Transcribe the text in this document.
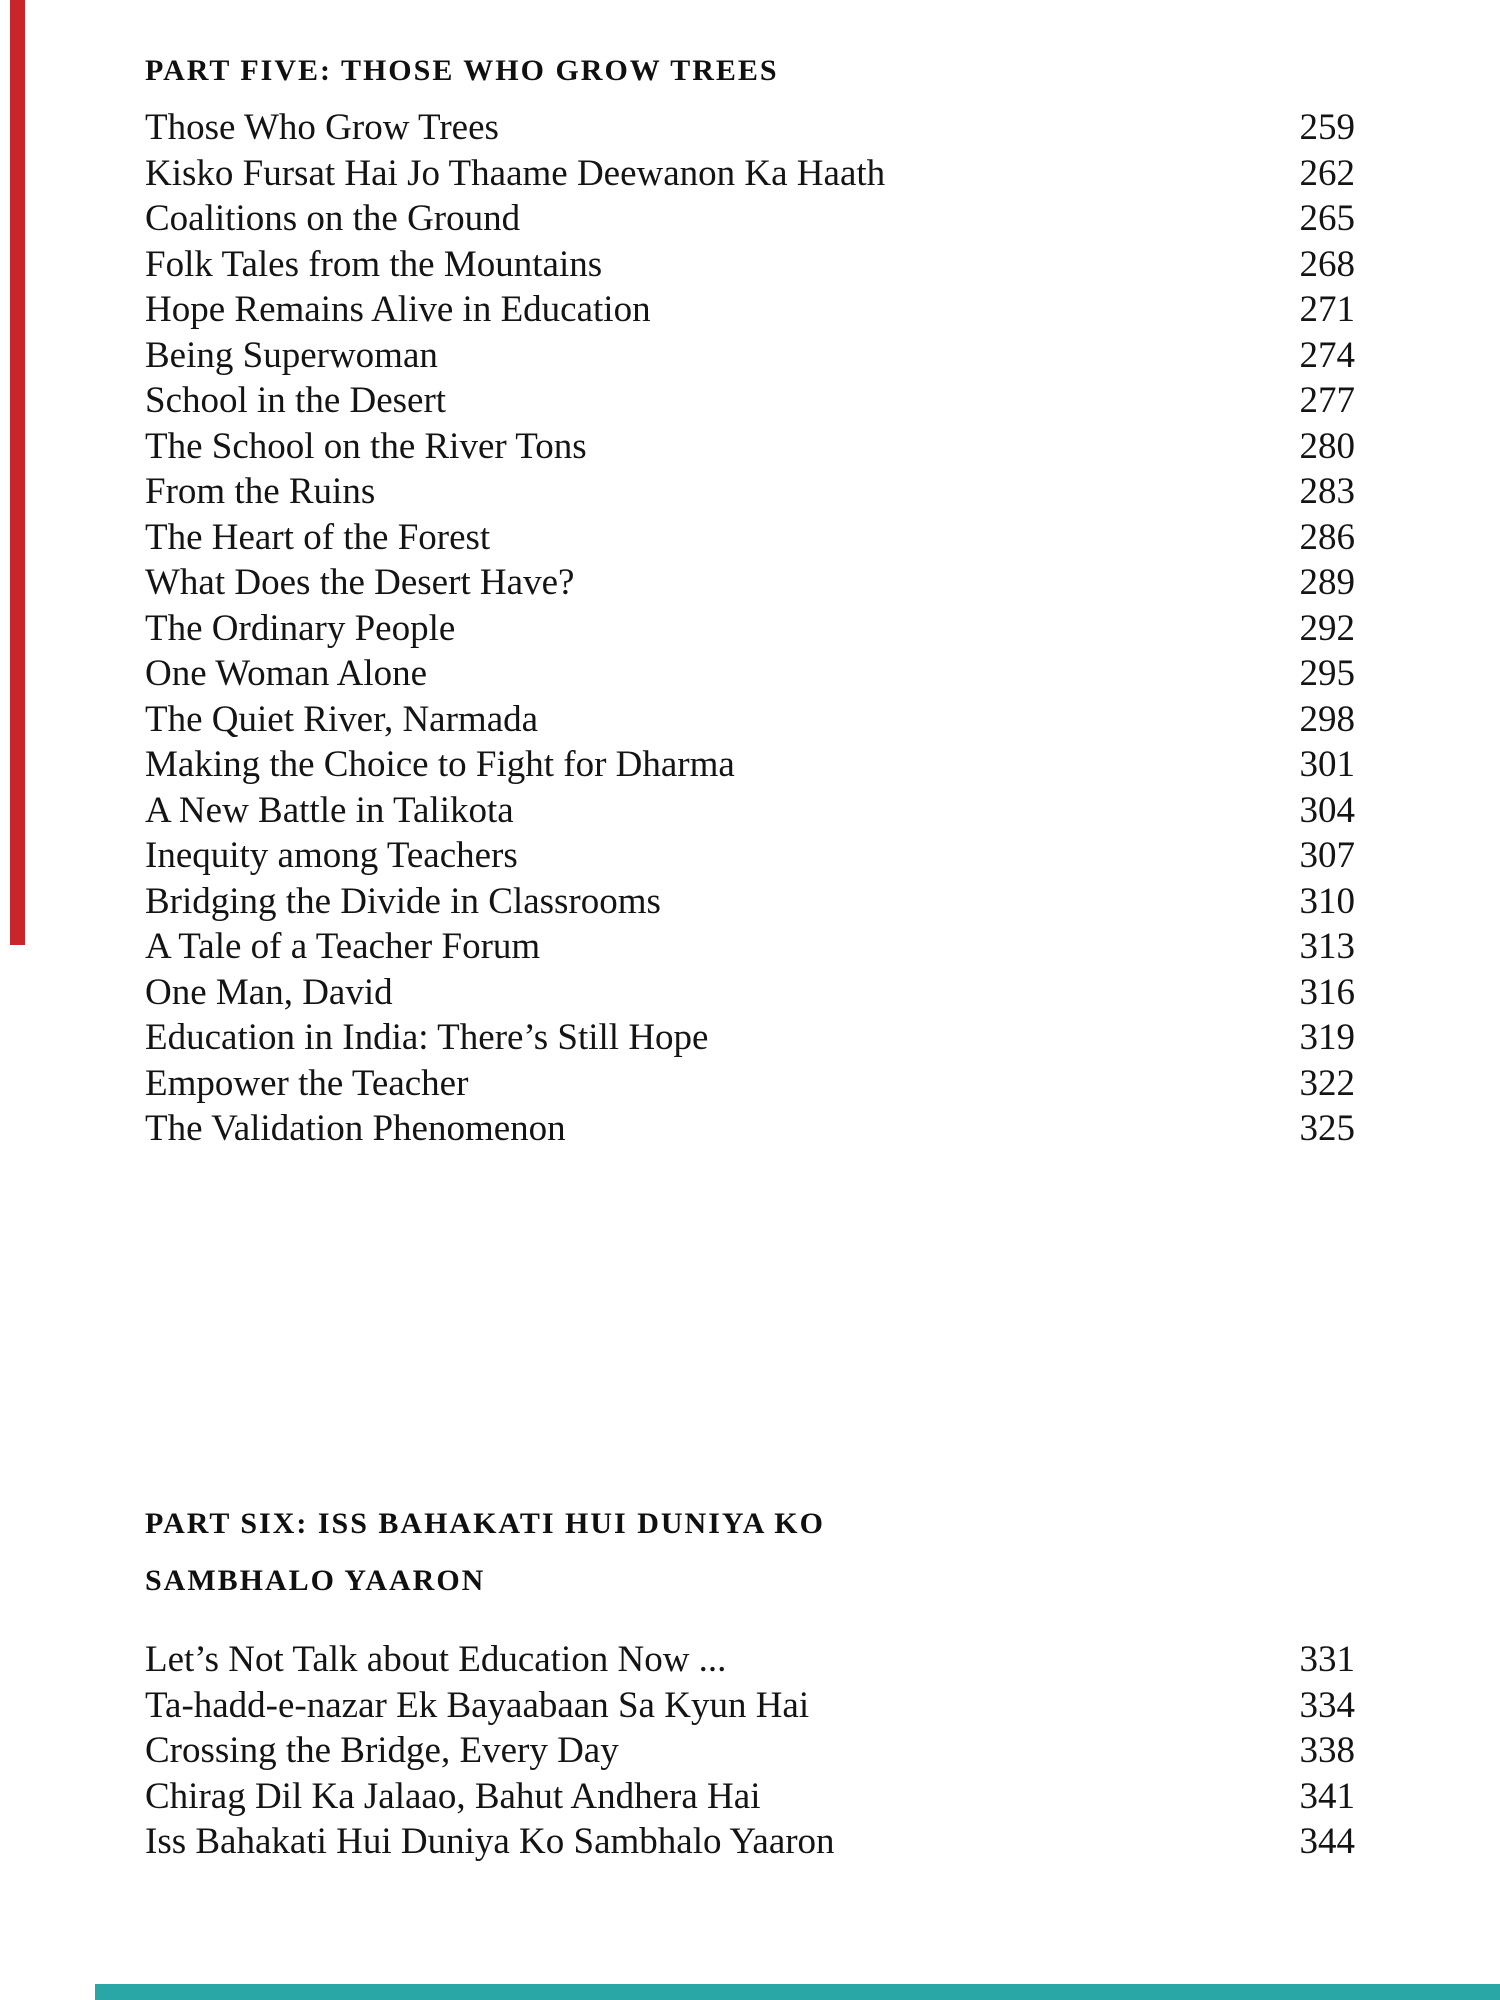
PART FIVE: THOSE WHO GROW TREES
Those Who Grow Trees	259
Kisko Fursat Hai Jo Thaame Deewanon Ka Haath	262
Coalitions on the Ground	265
Folk Tales from the Mountains	268
Hope Remains Alive in Education	271
Being Superwoman	274
School in the Desert	277
The School on the River Tons	280
From the Ruins	283
The Heart of the Forest	286
What Does the Desert Have?	289
The Ordinary People	292
One Woman Alone	295
The Quiet River, Narmada	298
Making the Choice to Fight for Dharma	301
A New Battle in Talikota	304
Inequity among Teachers	307
Bridging the Divide in Classrooms	310
A Tale of a Teacher Forum	313
One Man, David	316
Education in India: There’s Still Hope	319
Empower the Teacher	322
The Validation Phenomenon	325
PART SIX: ISS BAHAKATI HUI DUNIYA KO
SAMBHALO YAARON
Let’s Not Talk about Education Now ...	331
Ta-hadd-e-nazar Ek Bayaabaan Sa Kyun Hai	334
Crossing the Bridge, Every Day	338
Chirag Dil Ka Jalaao, Bahut Andhera Hai	341
Iss Bahakati Hui Duniya Ko Sambhalo Yaaron	344
